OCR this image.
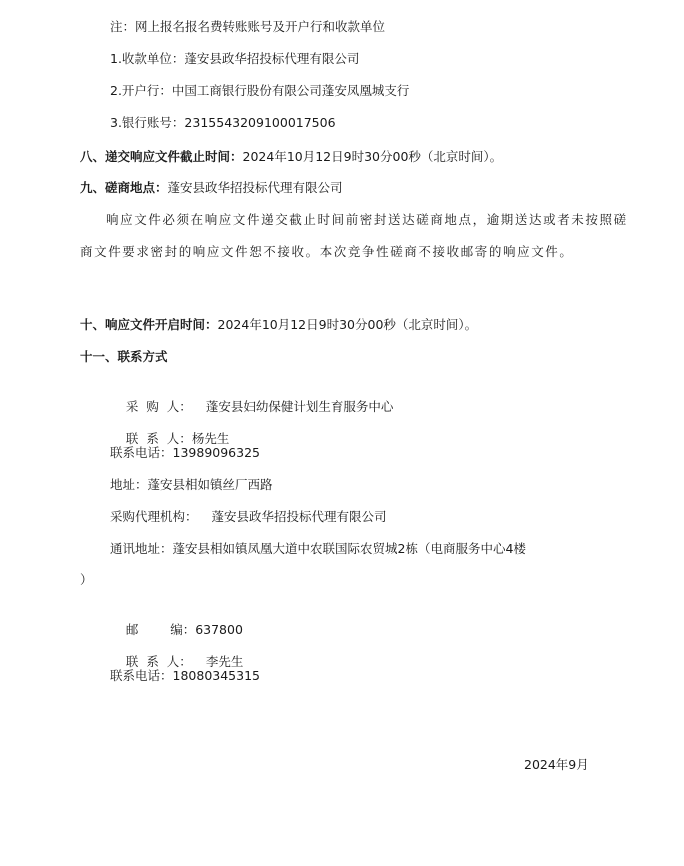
注：网上报名报名费转账账号及开户行和收款单位
1.收款单位：蓬安县政华招投标代理有限公司
2.开户行：中国工商银行股份有限公司蓬安凤凰城支行
3.银行账号：2315543209100017506
八、递交响应文件截止时间：2024年10月12日9时30分00秒（北京时间）。
九、磋商地点：蓬安县政华招投标代理有限公司

响应文件必须在响应文件递交截止时间前密封送达磋商地点，逾期送达或者未按照磋商文件要求密封的响应文件恕不接收。本次竞争性磋商不接收邮寄的响应文件。

十、响应文件开启时间：2024年10月12日9时30分00秒（北京时间）。
十一、联系方式

采  购  人： 蓬安县妇幼保健计划生育服务中心

联  系  人：杨先生

联系电话：13989096325
地址：蓬安县相如镇丝厂西路
采购代理机构： 蓬安县政华招投标代理有限公司
通讯地址：蓬安县相如镇凤凰大道中农联国际农贸城2栋（电商服务中心4楼
）

邮        编：637800

联  系  人： 李先生

联系电话：18080345315
2024年9月
